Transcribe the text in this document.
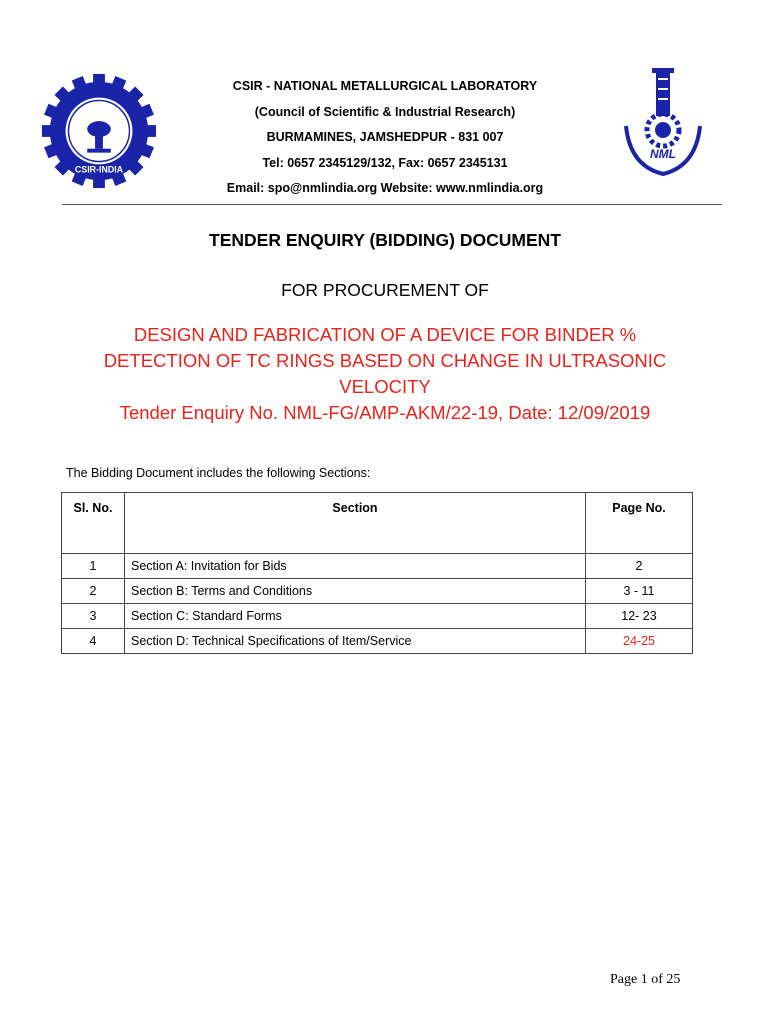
CSIR-INDIA
NML
CSIR - NATIONAL METALLURGICAL LABORATORY
(Council of Scientific & Industrial Research)
BURMAMINES, JAMSHEDPUR - 831 007
Tel: 0657 2345129/132, Fax: 0657 2345131
Email: spo@nmlindia.org Website: www.nmlindia.org
TENDER ENQUIRY (BIDDING) DOCUMENT
FOR PROCUREMENT OF
DESIGN AND FABRICATION OF A DEVICE FOR BINDER %
DETECTION OF TC RINGS BASED ON CHANGE IN ULTRASONIC
VELOCITY
Tender Enquiry No. NML-FG/AMP-AKM/22-19, Date: 12/09/2019
The Bidding Document includes the following Sections:
Sl. No.	Section	Page No.
1	Section A: Invitation for Bids	2
2	Section B: Terms and Conditions	3 - 11
3	Section C: Standard Forms	12- 23
4	Section D: Technical Specifications of Item/Service	24-25
Page 1 of 25
